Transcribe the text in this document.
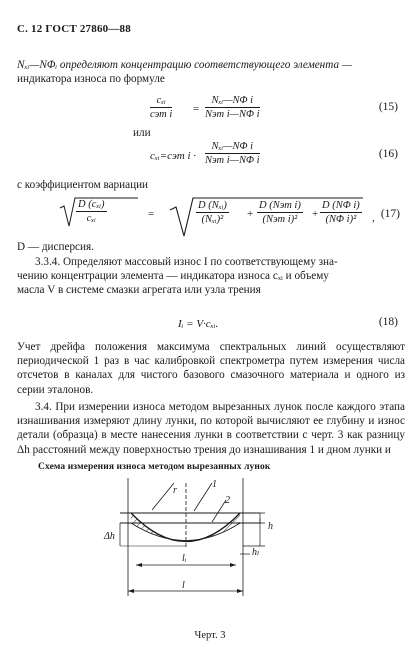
С. 12 ГОСТ 27860—88
Nₓᵢ—NΦᵢ определяют концентрацию соответствующего элемента —
индикатора износа по формуле
cₓᵢ
cэт i =
Nₓᵢ—NΦ i
Nэт i—NΦ i
(15)
или
cₓᵢ=cэт i ·
Nₓᵢ—NΦ i
Nэт i—NΦ i
(16)
с коэффициентом вариации
D (cₓᵢ)
cₓᵢ	=
D (Nₓᵢ)
(Nₓᵢ)²	+
D (Nэт i)
(Nэт i)²	+ $\frac{\text{D (NΦ i)}}{\text{(NΦ i)²}}$ , (17)
D — дисперсия.
3.3.4. Определяют массовый износ I по соответствующему зна-
чению концентрации элемента — индикатора износа cₓᵢ и объему
масла V в системе смазки агрегата или узла трения
Iᵢ = V·cₓᵢ.	(18)
Учет дрейфа положения максимума спектральных линий осуществляют периодической 1 раз в час калибровкой спектрометра путем измерения числа отсчетов в каналах для чистого базового смазочного материала и одного из серии эталонов.
3.4. При измерении износа методом вырезанных лунок после каждого этапа изнашивания измеряют длину лунки, по которой вычисляют ее глубину и износ детали (образца) в месте нанесения лунки в соответствии с черт. 3 как разницу Δh расстояний между поверхностью трения до изнашивания 1 и дном лунки и
Схема измерения износа методом вырезанных лунок
r
1
2
h
Δh
hₗ
lᵢ
l
Черт. 3
